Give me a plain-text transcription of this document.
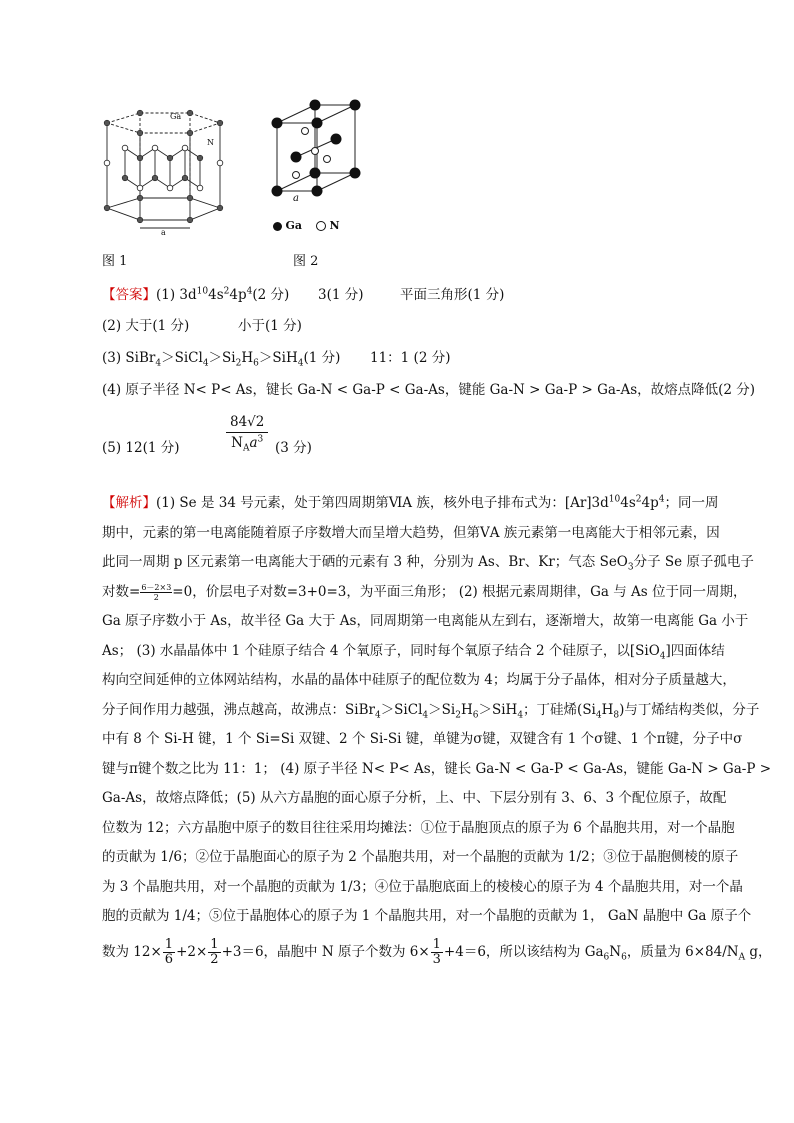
Ga
N
a
图 1
a
Ga	N
图 2
【答案】(1) $3d^{10}4s^24p^4(2$ 分) 3(1 分)	平面三角形(1 分)
(2) 大于(1 分)	小于(1 分)
(3) $SiBr_4>SiCl_4>Si_2H_6>SiH_4(1$ 分) 11：1 (2 分)
(4) 原子半径 N< P< As，键长 Ga-N < Ga-P < Ga-As，键能 Ga-N > Ga-P > Ga-As，故熔点降低(2 分)
(5) 12(1 分)
84√2
$N_Aa^3$
(3 分)
【解析】(1) Se 是 34 号元素，处于第四周期第ⅥA 族，核外电子排布式为：$[Ar]3d^{10}4s^24p^4$；同一周
期中，元素的第一电离能随着原子序数增大而呈增大趋势，但第ⅤA 族元素第一电离能大于相邻元素，因
此同一周期 p 区元素第一电离能大于硒的元素有 3 种，分别为 As、Br、Kr；气态 SeO$_3$分子 Se 原子孤电子
对数= $\frac{6-2\times 3}{2} =0$，价层电子对数=3+0=3，为平面三角形； (2) 根据元素周期律，Ga 与 As 位于同一周期，
Ga 原子序数小于 As，故半径 Ga 大于 As，同周期第一电离能从左到右，逐渐增大，故第一电离能 Ga 小于
As； (3) 水晶晶体中 1 个硅原子结合 4 个氧原子，同时每个氧原子结合 2 个硅原子，以[SiO$_4$]四面体结
构向空间延伸的立体网站结构，水晶的晶体中硅原子的配位数为 4；均属于分子晶体，相对分子质量越大，
分子间作用力越强，沸点越高，故沸点：$SiBr_4>SiCl_4>Si_2H_6>SiH_4$；丁硅烯$(Si_4H_8)$与丁烯结构类似，分子
中有 8 个 Si-H 键，1 个 Si=Si 双键、2 个 Si-Si 键，单键为σ键，双键含有 1 个σ键、1 个π键，分子中σ
键与π键个数之比为 11：1； (4) 原子半径 N< P< As，键长 Ga-N < Ga-P < Ga-As，键能 Ga-N > Ga-P >
Ga-As，故熔点降低；(5) 从六方晶胞的面心原子分析，上、中、下层分别有 3、6、3 个配位原子，故配
位数为 12；六方晶胞中原子的数目往往采用均摊法：①位于晶胞顶点的原子为 6 个晶胞共用，对一个晶胞
的贡献为 1/6；②位于晶胞面心的原子为 2 个晶胞共用，对一个晶胞的贡献为 1/2；③位于晶胞侧棱的原子
为 3 个晶胞共用，对一个晶胞的贡献为 1/3；④位于晶胞底面上的棱棱心的原子为 4 个晶胞共用，对一个晶
胞的贡献为 1/4；⑤位于晶胞体心的原子为 1 个晶胞共用，对一个晶胞的贡献为 1， GaN 晶胞中 Ga 原子个
数为 $12\times \frac{1}{6} +2\times \frac{1}{2} +3=6$，晶胞中 N 原子个数为 $6\times \frac{1}{3} +4=6$，所以该结构为 $Ga_6N_6$，质量为 $6\times 84/N_A$ g，
